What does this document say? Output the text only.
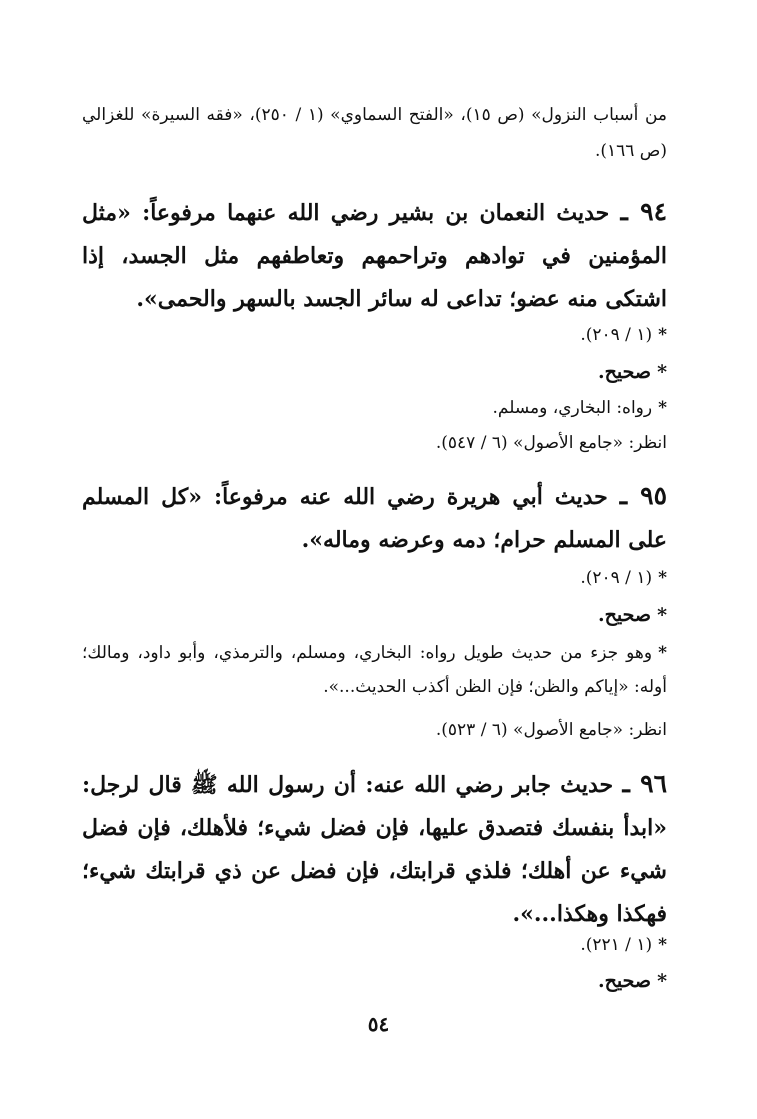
من أسباب النزول» (ص ١٥)، «الفتح السماوي» (١ / ٢٥٠)، «فقه السيرة» للغزالي (ص ١٦٦).
٩٤ ـ حديث النعمان بن بشير رضي الله عنهما مرفوعاً: «مثل المؤمنين في توادهم وتراحمهم وتعاطفهم مثل الجسد، إذا اشتكى منه عضو؛ تداعى له سائر الجسد بالسهر والحمى».
*(١ / ٢٠٩).
*صحيح.
*رواه: البخاري، ومسلم.
انظر: «جامع الأصول» (٦ / ٥٤٧).
٩٥ ـ حديث أبي هريرة رضي الله عنه مرفوعاً: «كل المسلم على المسلم حرام؛ دمه وعرضه وماله».
*(١ / ٢٠٩).
*صحيح.
*وهو جزء من حديث طويل رواه: البخاري، ومسلم، والترمذي، وأبو داود، ومالك؛ أوله: «إياكم والظن؛ فإن الظن أكذب الحديث...».
انظر: «جامع الأصول» (٦ / ٥٢٣).
٩٦ ـ حديث جابر رضي الله عنه: أن رسول الله ﷺ قال لرجل: «ابدأ بنفسك فتصدق عليها، فإن فضل شيء؛ فلأهلك، فإن فضل شيء عن أهلك؛ فلذي قرابتك، فإن فضل عن ذي قرابتك شيء؛ فهكذا وهكذا...».
*(١ / ٢٢١).
*صحيح.
٥٤
